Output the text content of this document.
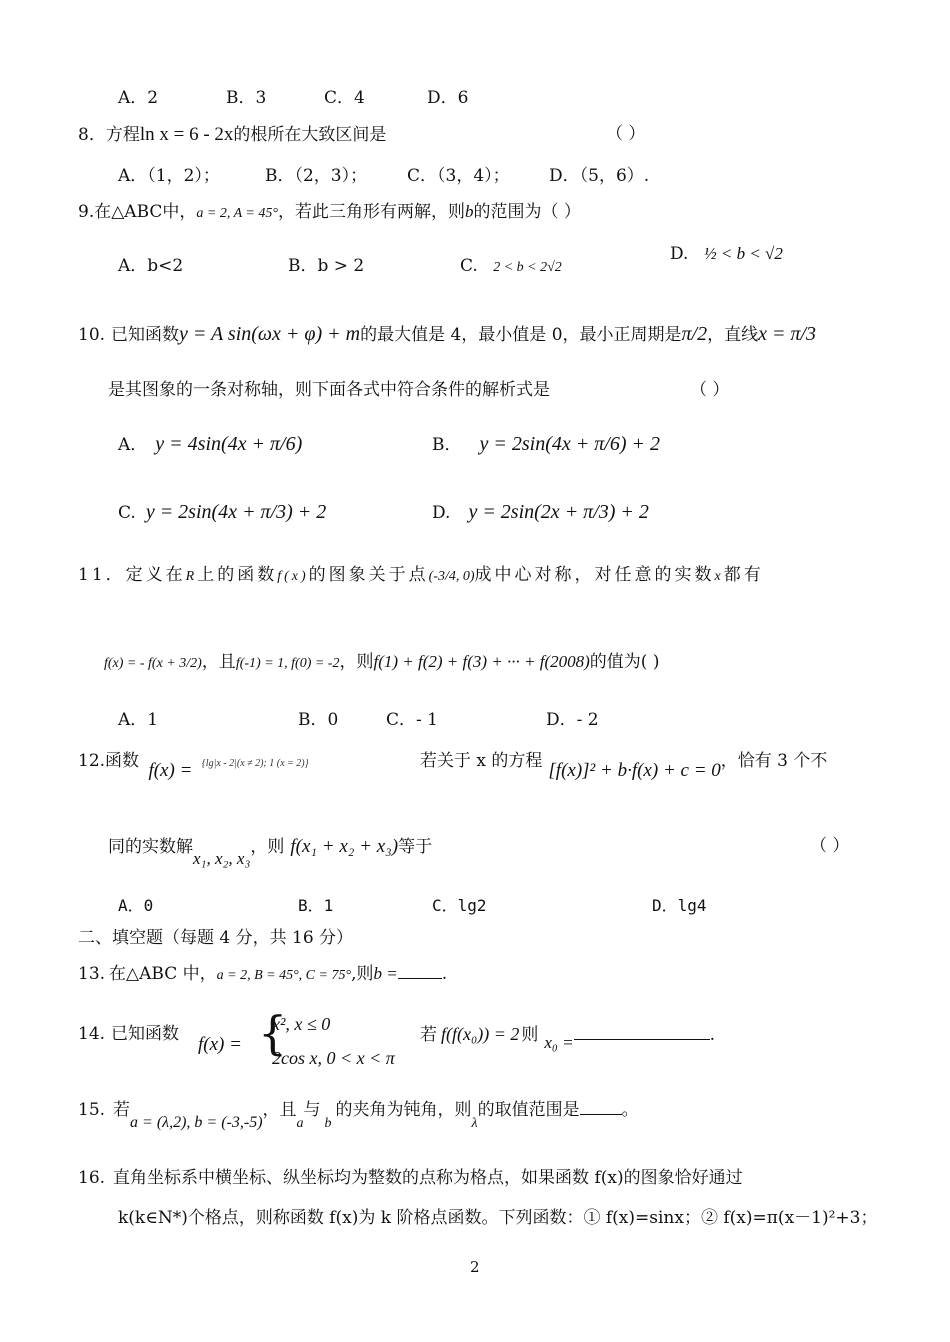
A．2	B．3	C．4	D．6
8．方程ln x = 6 - 2x的根所在大致区间是	（ ）
A．（1，2）；	B．（2，3）； C．（3，4）； D．（5，6）.
9.在△ABC中，a = 2, A = 45°，若此三角形有两解，则b的范围为（ ）
A．b<2	B．b > 2	C. 2 < b < 2√2
D. ½ < b < √2
10. 已知函数y = A sin(ωx + φ) + m的最大值是 4，最小值是 0，最小正周期是π/2，直线x = π/3
是其图象的一条对称轴，则下面各式中符合条件的解析式是	（ ）
A． y = 4sin(4x + π/6)	B． y = 2sin(4x + π/6) + 2
C. y = 2sin(4x + π/3) + 2	D. y = 2sin(2x + π/3) + 2
11．定义在R上的函数f(x)的图象关于点(-3/4, 0)成中心对称，对任意的实数x都有
f(x) = - f(x + 3/2)，且f(-1) = 1, f(0) = -2，则f(1) + f(2) + f(3) + ··· + f(2008)的值为( )
A．1	B．0	C．- 1	D．- 2
12.函数 f(x) = {lg|x - 2|(x ≠ 2); 1 (x = 2)}	若关于 x 的方程 [f(x)]² + b·f(x) + c = 0，恰有 3 个不
同的实数解x₁, x₂, x₃，则 f(x₁ + x₂ + x₃)等于	（ ）
A．0	B．1	C．lg2	D．lg4
二、填空题（每题 4 分，共 16 分）
13. 在△ABC 中，a = 2, B = 45°, C = 75°,则b =	.
14. 已知函数 f(x) = {
x², x ≤ 0
2cos x, 0 < x < π
若 f(f(x₀)) = 2 则 x₀ =	.
15. 若a = (λ,2), b = (-3,-5)，且$_a$与$_b$的夹角为钝角，则$_\lambda$的取值范围是 。
16. 直角坐标系中横坐标、纵坐标均为整数的点称为格点，如果函数 f(x)的图象恰好通过
k(k∈N*)个格点，则称函数 f(x)为 k 阶格点函数。下列函数：① f(x)=sinx；② f(x)=π(x－1)²+3；
2
